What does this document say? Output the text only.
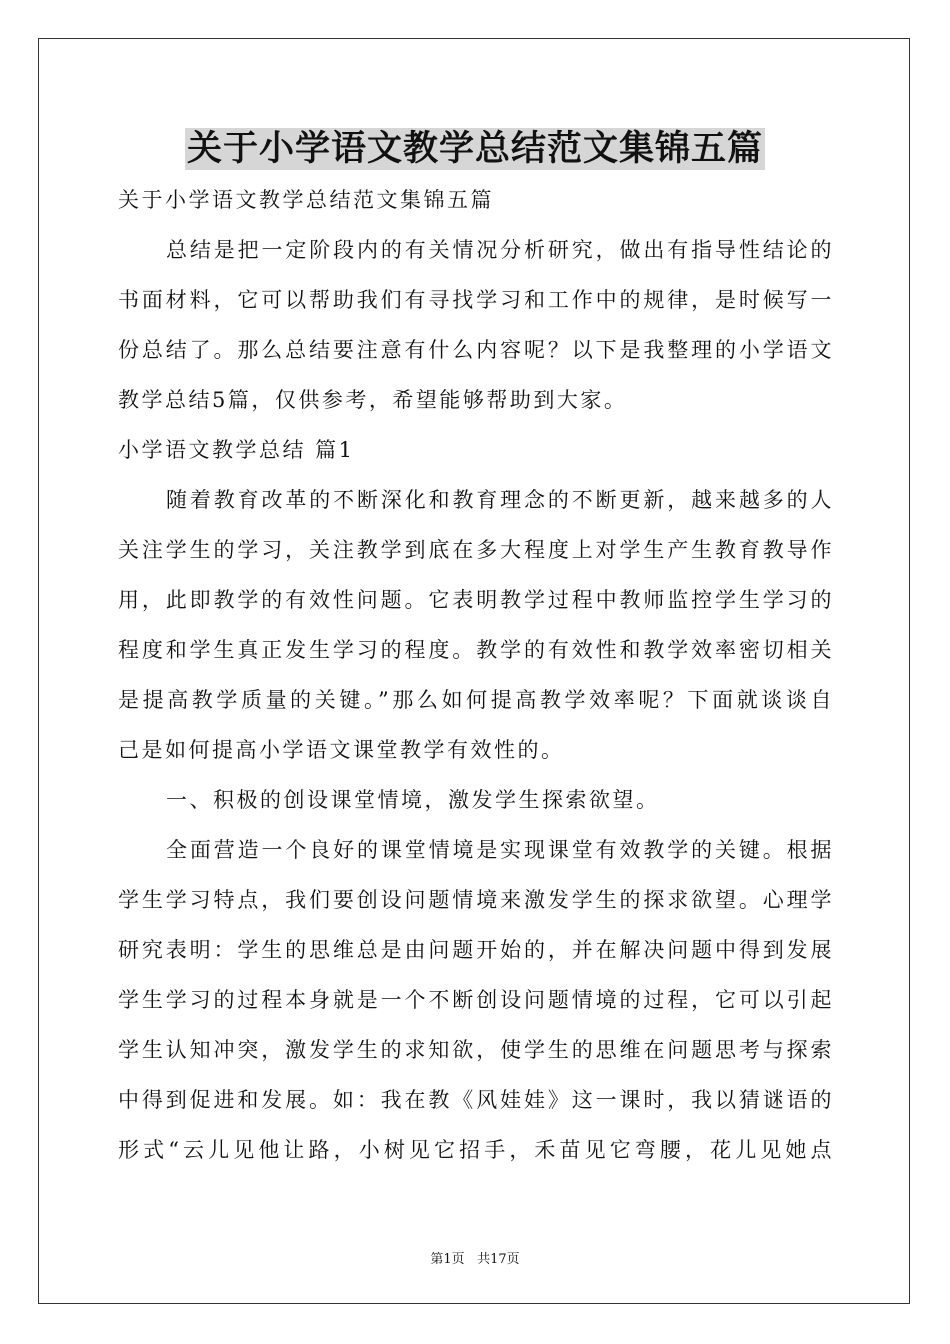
关于小学语文教学总结范文集锦五篇
关于小学语文教学总结范文集锦五篇
总结是把一定阶段内的有关情况分析研究，做出有指导性结论的
书面材料，它可以帮助我们有寻找学习和工作中的规律，是时候写一
份总结了。那么总结要注意有什么内容呢？以下是我整理的小学语文
教学总结5篇，仅供参考，希望能够帮助到大家。
小学语文教学总结 篇1
随着教育改革的不断深化和教育理念的不断更新，越来越多的人
关注学生的学习，关注教学到底在多大程度上对学生产生教育教导作
用，此即教学的有效性问题。它表明教学过程中教师监控学生学习的
程度和学生真正发生学习的程度。教学的有效性和教学效率密切相关
是提高教学质量的关键。”那么如何提高教学效率呢？下面就谈谈自
己是如何提高小学语文课堂教学有效性的。
一、积极的创设课堂情境，激发学生探索欲望。
全面营造一个良好的课堂情境是实现课堂有效教学的关键。根据
学生学习特点，我们要创设问题情境来激发学生的探求欲望。心理学
研究表明：学生的思维总是由问题开始的，并在解决问题中得到发展
学生学习的过程本身就是一个不断创设问题情境的过程，它可以引起
学生认知冲突，激发学生的求知欲，使学生的思维在问题思考与探索
中得到促进和发展。如：我在教《风娃娃》这一课时，我以猜谜语的
形式“云儿见他让路，小树见它招手，禾苗见它弯腰，花儿见她点
第1页 共17页
